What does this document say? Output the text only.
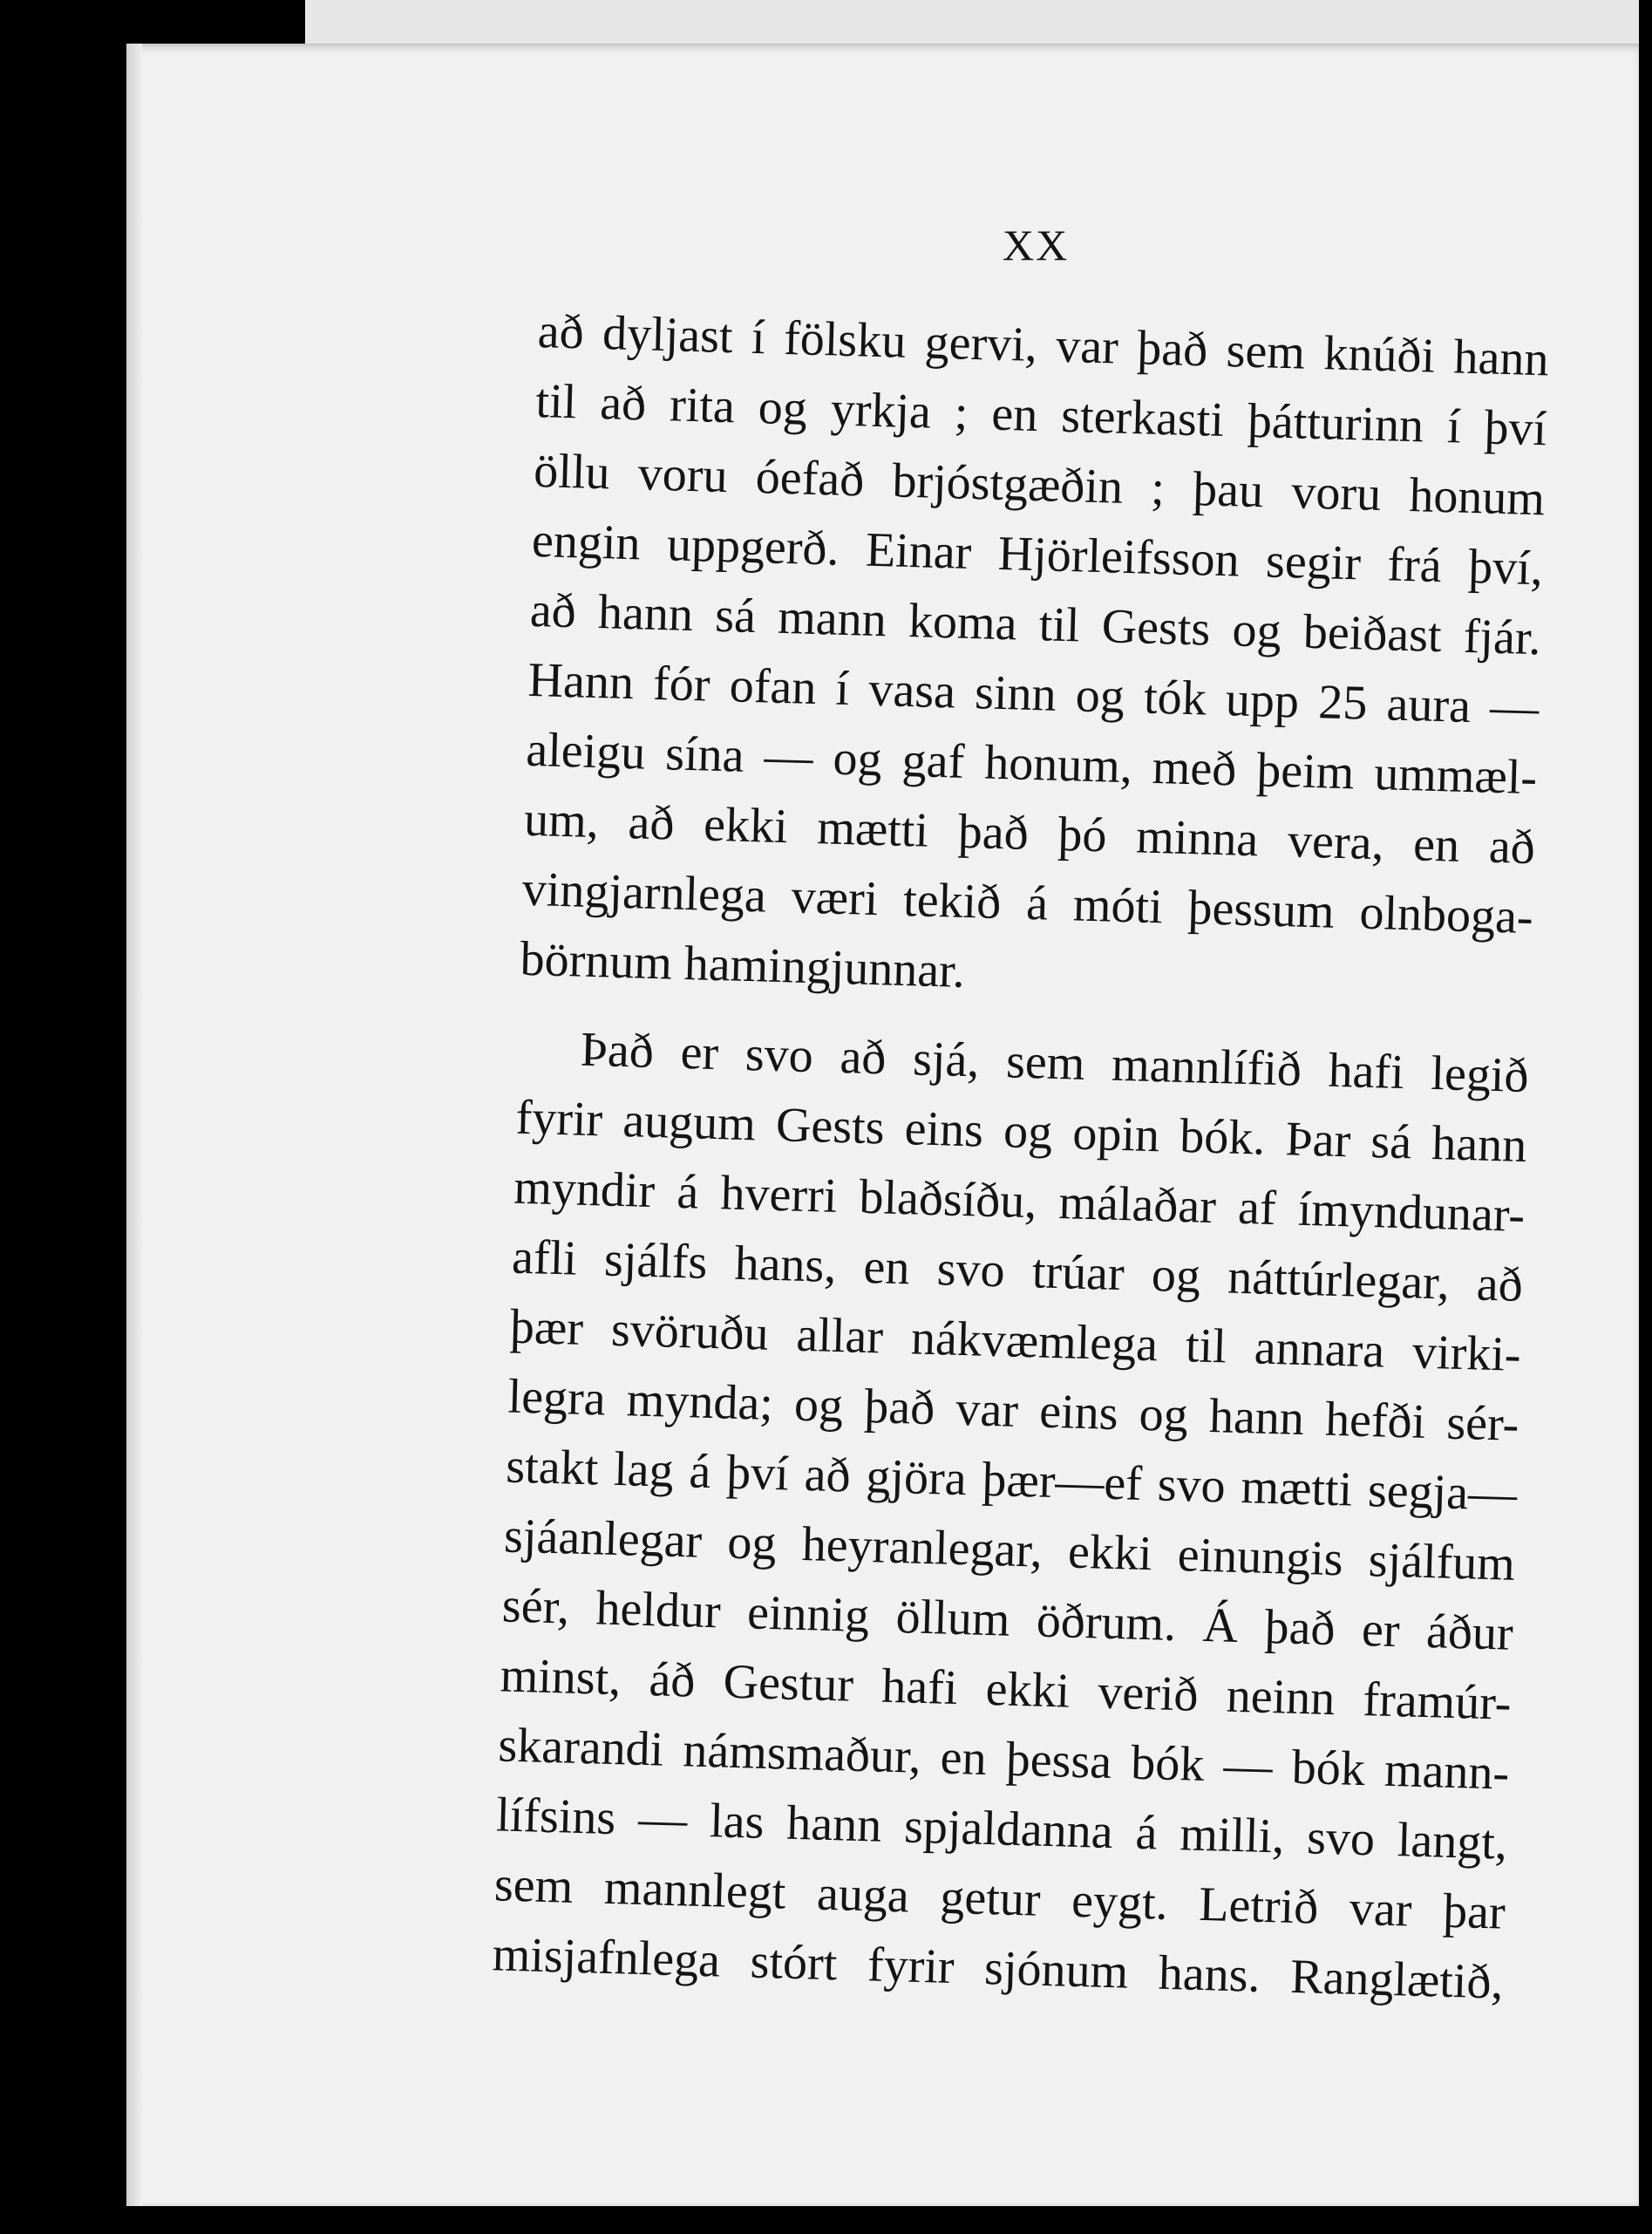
XX
að dyljast í fölsku gervi, var það sem knúði hann
til að rita og yrkja ; en sterkasti þátturinn í því
öllu voru óefað brjóstgæðin ; þau voru honum
engin uppgerð. Einar Hjörleifsson segir frá því,
að hann sá mann koma til Gests og beiðast fjár.
Hann fór ofan í vasa sinn og tók upp 25 aura —
aleigu sína — og gaf honum, með þeim ummæl-
um, að ekki mætti það þó minna vera, en að
vingjarnlega væri tekið á móti þessum olnboga-
börnum hamingjunnar.
Það er svo að sjá, sem mannlífið hafi legið
fyrir augum Gests eins og opin bók. Þar sá hann
myndir á hverri blaðsíðu, málaðar af ímyndunar-
afli sjálfs hans, en svo trúar og náttúrlegar, að
þær svöruðu allar nákvæmlega til annara virki-
legra mynda; og það var eins og hann hefði sér-
stakt lag á því að gjöra þær—ef svo mætti segja—
sjáanlegar og heyranlegar, ekki einungis sjálfum
sér, heldur einnig öllum öðrum. Á það er áður
minst, áð Gestur hafi ekki verið neinn framúr-
skarandi námsmaður, en þessa bók — bók mann-
lífsins — las hann spjaldanna á milli, svo langt,
sem mannlegt auga getur eygt. Letrið var þar
misjafnlega stórt fyrir sjónum hans. Ranglætið,
